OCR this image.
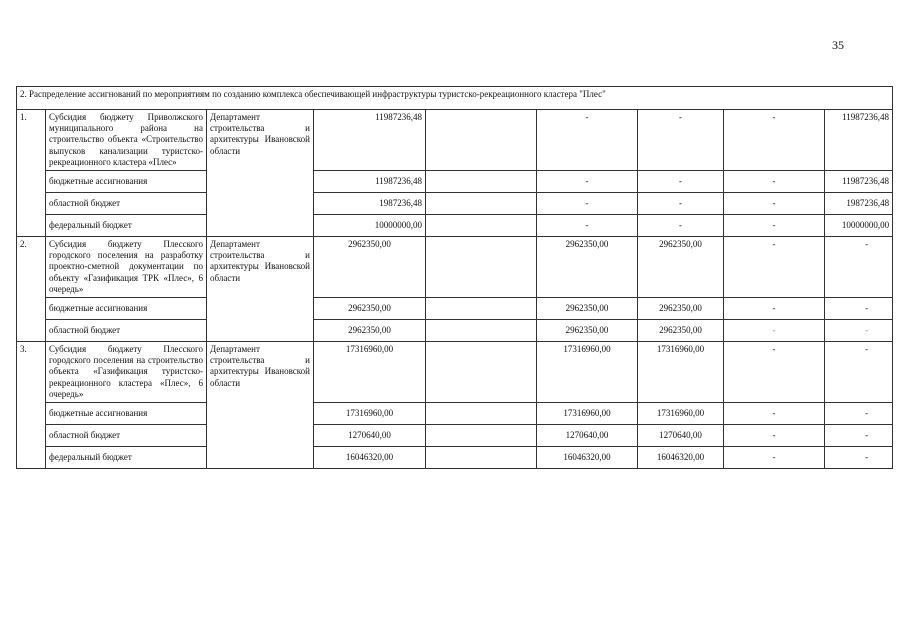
35
2. Распределение ассигнований по мероприятиям по созданию комплекса обеспечивающей инфраструктуры туристско-рекреационного кластера "Плес"								
1.	Субсидия бюджету Приволжского муниципального района на строительство объекта «Строительство выпусков канализации туристско-рекреационного кластера «Плес»	Департамент строительства и архитектуры Ивановской области	11987236,48		-	-	-	11987236,48
	бюджетные ассигнования		11987236,48		-	-	-	11987236,48
	областной бюджет		1987236,48		-	-	-	1987236,48
	федеральный бюджет		10000000,00		-	-	-	10000000,00
2.	Субсидия бюджету Плесского городского поселения на разработку проектно-сметной документации по объекту «Газификация ТРК «Плес», 6 очередь»	Департамент строительства и архитектуры Ивановской области	2962350,00		2962350,00	2962350,00	-	-
	бюджетные ассигнования		2962350,00		2962350,00	2962350,00	-	-
	областной бюджет		2962350,00		2962350,00	2962350,00	-	-
3.	Субсидия бюджету Плесского городского поселения на строительство объекта «Газификация туристско-рекреационного кластера «Плес», 6 очередь»	Департамент строительства и архитектуры Ивановской области	17316960,00		17316960,00	17316960,00	-	-
	бюджетные ассигнования		17316960,00		17316960,00	17316960,00	-	-
	областной бюджет		1270640,00		1270640,00	1270640,00	-	-
	федеральный бюджет		16046320,00		16046320,00	16046320,00	-	-
